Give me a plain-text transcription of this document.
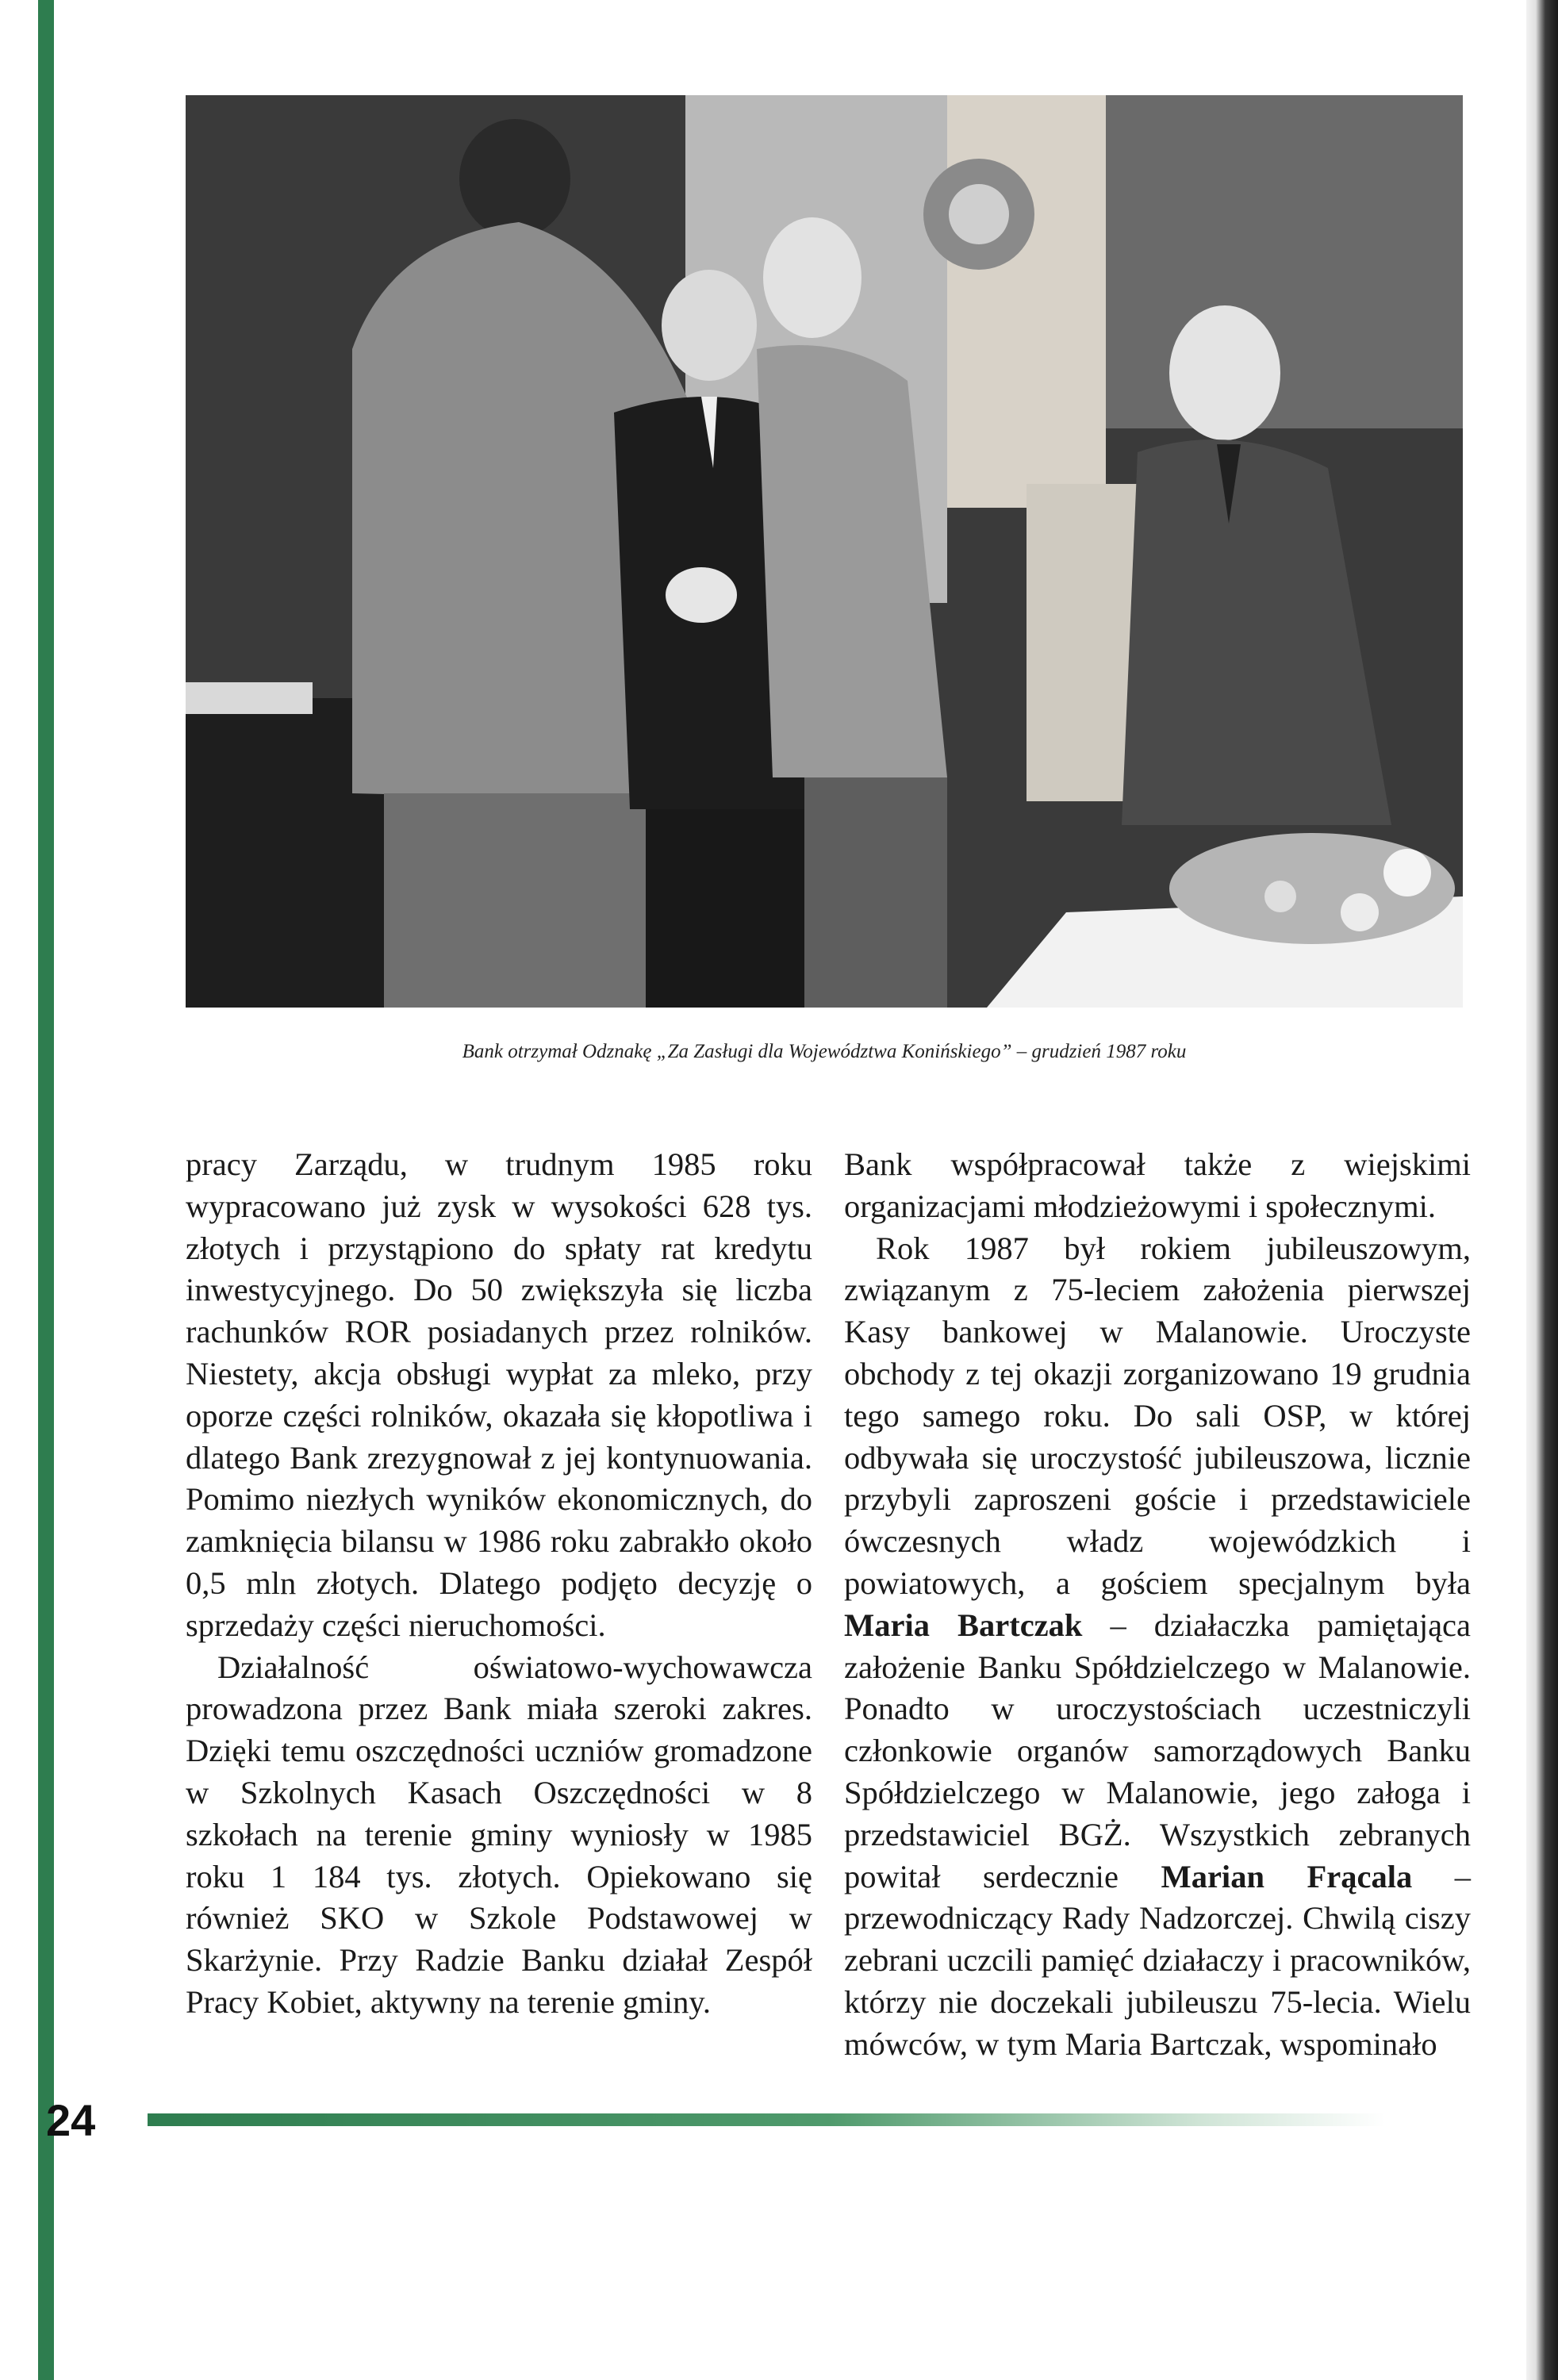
Bank otrzymał Odznakę „Za Zasługi dla Województwa Konińskiego” – grudzień 1987 roku

pracy Zarządu, w trudnym 1985 roku wypracowano już zysk w wysokości 628 tys. złotych i przystąpiono do spłaty rat kredytu inwestycyjnego. Do 50 zwiększyła się liczba rachunków ROR posiadanych przez rolników. Niestety, akcja obsługi wypłat za mleko, przy oporze części rolników, okazała się kłopotliwa i dlatego Bank zrezygnował z jej kontynuowania. Pomimo niezłych wyników ekonomicznych, do zamknięcia bilansu w 1986 roku zabrakło około 0,5 mln złotych. Dlatego podjęto decyzję o sprzedaży części nieruchomości.

Działalność oświatowo-wychowawcza prowadzona przez Bank miała szeroki zakres. Dzięki temu oszczędności uczniów gromadzone w Szkolnych Kasach Oszczędności w 8 szkołach na terenie gminy wyniosły w 1985 roku 1 184 tys. złotych. Opiekowano się również SKO w Szkole Podstawowej w Skarżynie. Przy Radzie Banku działał Zespół Pracy Kobiet, aktywny na terenie gminy.

Bank współpracował także z wiejskimi organizacjami młodzieżowymi i społecznymi.

Rok 1987 był rokiem jubileuszowym, związanym z 75-leciem założenia pierwszej Kasy bankowej w Malanowie. Uroczyste obchody z tej okazji zorganizowano 19 grudnia tego samego roku. Do sali OSP, w której odbywała się uroczystość jubileuszowa, licznie przybyli zaproszeni goście i przedstawiciele ówczesnych władz wojewódzkich i powiatowych, a gościem specjalnym była Maria Bartczak – działaczka pamiętająca założenie Banku Spółdzielczego w Malanowie. Ponadto w uroczystościach uczestniczyli członkowie organów samorządowych Banku Spółdzielczego w Malanowie, jego załoga i przedstawiciel BGŻ. Wszystkich zebranych powitał serdecznie Marian Frącala – przewodniczący Rady Nadzorczej. Chwilą ciszy zebrani uczcili pamięć działaczy i pracowników, którzy nie doczekali jubileuszu 75-lecia. Wielu mówców, w tym Maria Bartczak, wspominało

24
